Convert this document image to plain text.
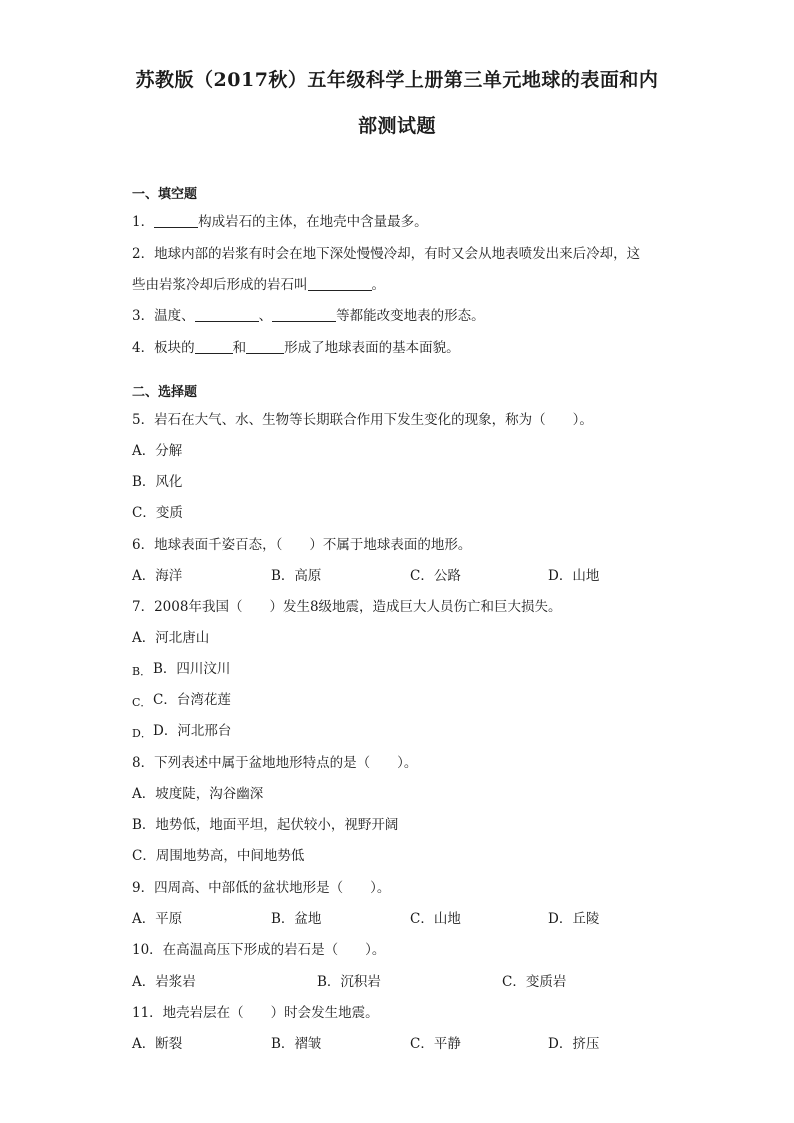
苏教版（2017秋）五年级科学上册第三单元地球的表面和内
部测试题
一、填空题
1．	构成岩石的主体，在地壳中含量最多。
2．地球内部的岩浆有时会在地下深处慢慢冷却，有时又会从地表喷发出来后冷却，这
些由岩浆冷却后形成的岩石叫	。
3．温度、	、	等都能改变地表的形态。
4．板块的	和	形成了地球表面的基本面貌。
二、选择题
5．岩石在大气、水、生物等长期联合作用下发生变化的现象，称为（　　）。
A．分解
B．风化
C．变质
6．地球表面千姿百态，（　　）不属于地球表面的地形。
A．海洋	B．高原	C．公路	D．山地
7．2008年我国（　　）发生8级地震，造成巨大人员伤亡和巨大损失。
A．河北唐山
B． B．四川汶川
C． C．台湾花莲
D． D．河北邢台
8．下列表述中属于盆地地形特点的是（　　）。
A．坡度陡，沟谷幽深
B．地势低，地面平坦，起伏较小，视野开阔
C．周围地势高，中间地势低
9．四周高、中部低的盆状地形是（　　）。
A．平原	B．盆地	C．山地	D．丘陵
10．在高温高压下形成的岩石是（　　）。
A．岩浆岩	B．沉积岩	C．变质岩
11．地壳岩层在（　　）时会发生地震。
A．断裂	B．褶皱	C．平静	D．挤压
